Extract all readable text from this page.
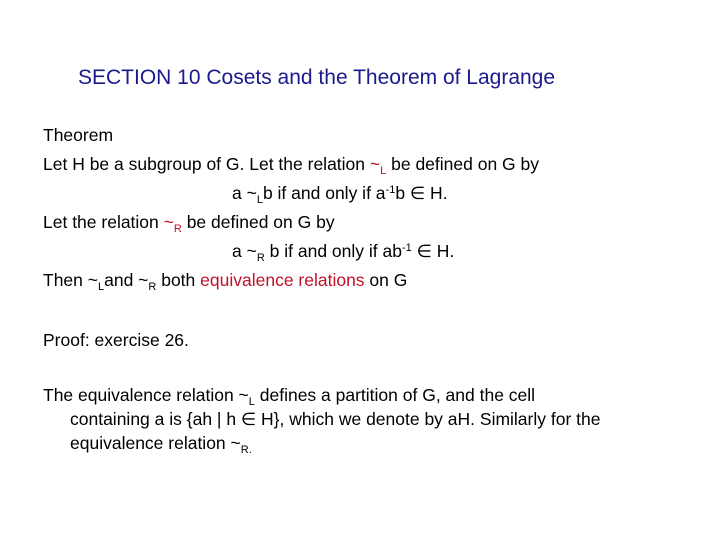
SECTION 10 Cosets and the Theorem of Lagrange
Theorem
Let H be a subgroup of G. Let the relation $\sim_L$ be defined on G by
a $\sim_Lb$ if and only if $a^{-1}b$ ∈ H.
Let the relation $\sim_R$ be defined on G by
a $\sim_R$ b if and only if $ab^{-1}$ ∈ H.
Then $\sim_Land$ $\sim_R$ both equivalence relations on G
Proof: exercise 26.
The equivalence relation $\sim_L$ defines a partition of G, and the cell
containing a is {ah | h ∈ H}, which we denote by aH. Similarly for the
equivalence relation $\sim_{R.}$
